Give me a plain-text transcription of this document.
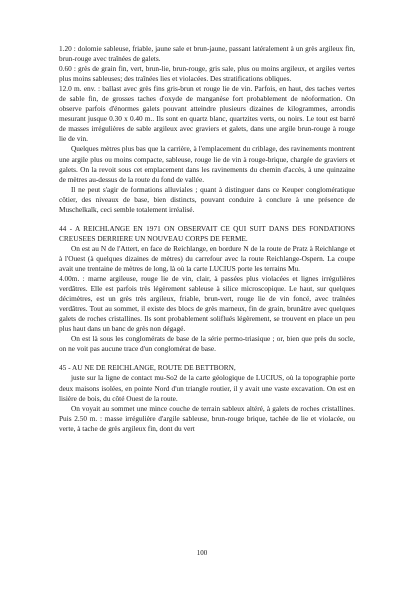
1.20 : dolomie sableuse, friable, jaune sale et brun-jaune, passant latéralement à un grès argileux fin, brun-rouge avec traînées de galets.

0.60 : grès de grain fin, vert, brun-lie, brun-rouge, gris sale, plus ou moins argileux, et argiles vertes plus moins sableuses; des traînées lies et violacées. Des stratifications obliques.

12.0 m. env. : ballast avec grès fins gris-brun et rouge lie de vin. Parfois, en haut, des taches vertes de sable fin, de grosses taches d'oxyde de manganèse fort probablement de néoformation. On observe parfois d'énormes galets pouvant atteindre plusieurs dizaines de kilogrammes, arrondis mesurant jusque 0.30 x 0.40 m.. Ils sont en quartz blanc, quartzites verts, ou noirs. Le tout est barré de masses irrégulières de sable argileux avec graviers et galets, dans une argile brun-rouge à rouge lie de vin.

Quelques mètres plus bas que la carrière, à l'emplacement du criblage, des ravinements montrent une argile plus ou moins compacte, sableuse, rouge lie de vin à rouge-brique, chargée de graviers et galets. On la revoit sous cet emplacement dans les ravinements du chemin d'accès, à une quinzaine de mètres au-dessus de la route du fond de vallée.

Il ne peut s'agir de formations alluviales ; quant à distinguer dans ce Keuper conglomératique côtier, des niveaux de base, bien distincts, pouvant conduire à conclure à une présence de Muschelkalk, ceci semble totalement irréalisé.

44 - A REICHLANGE EN 1971 ON OBSERVAIT CE QUI SUIT DANS DES FONDATIONS CREUSEES DERRIERE UN NOUVEAU CORPS DE FERME.

On est au N de l'Attert, en face de Reichlange, en bordure N de la route de Pratz à Reichlange et à l'Ouest (à quelques dizaines de mètres) du carrefour avec la route Reichlange-Ospern. La coupe avait une trentaine de mètres de long, là où la carte LUCIUS porte les terrains Mu.

4.00m. : marne argileuse, rouge lie de vin, clair, à passées plus violacées et lignes irrégulières verdâtres. Elle est parfois très légèrement sableuse à silice microscopique. Le haut, sur quelques décimètres, est un grès très argileux, friable, brun-vert, rouge lie de vin foncé, avec traînées verdâtres. Tout au sommet, il existe des blocs de grès marneux, fin de grain, brunâtre avec quelques galets de roches cristallines. Ils sont probablement soliflués légèrement, se trouvent en place un peu plus haut dans un banc de grès non dégagé.

On est là sous les conglomérats de base de la série permo-triasique ; or, bien que près du socle, on ne voit pas aucune trace d'un conglomérat de base.

45 - AU NE DE REICHLANGE, ROUTE DE BETTBORN,

juste sur la ligne de contact mu-So2 de la carte géologique de LUCIUS, où la topographie porte deux maisons isolées, en pointe Nord d'un triangle routier, il y avait une vaste excavation. On est en lisière de bois, du côté Ouest de la route.

On voyait au sommet une mince couche de terrain sableux altéré, à galets de roches cristallines. Puis 2.50 m. : masse irrégulière d'argile sableuse, brun-rouge brique, tachée de lie et violacée, ou verte, à tache de grès argileux fin, dont du vert

100
